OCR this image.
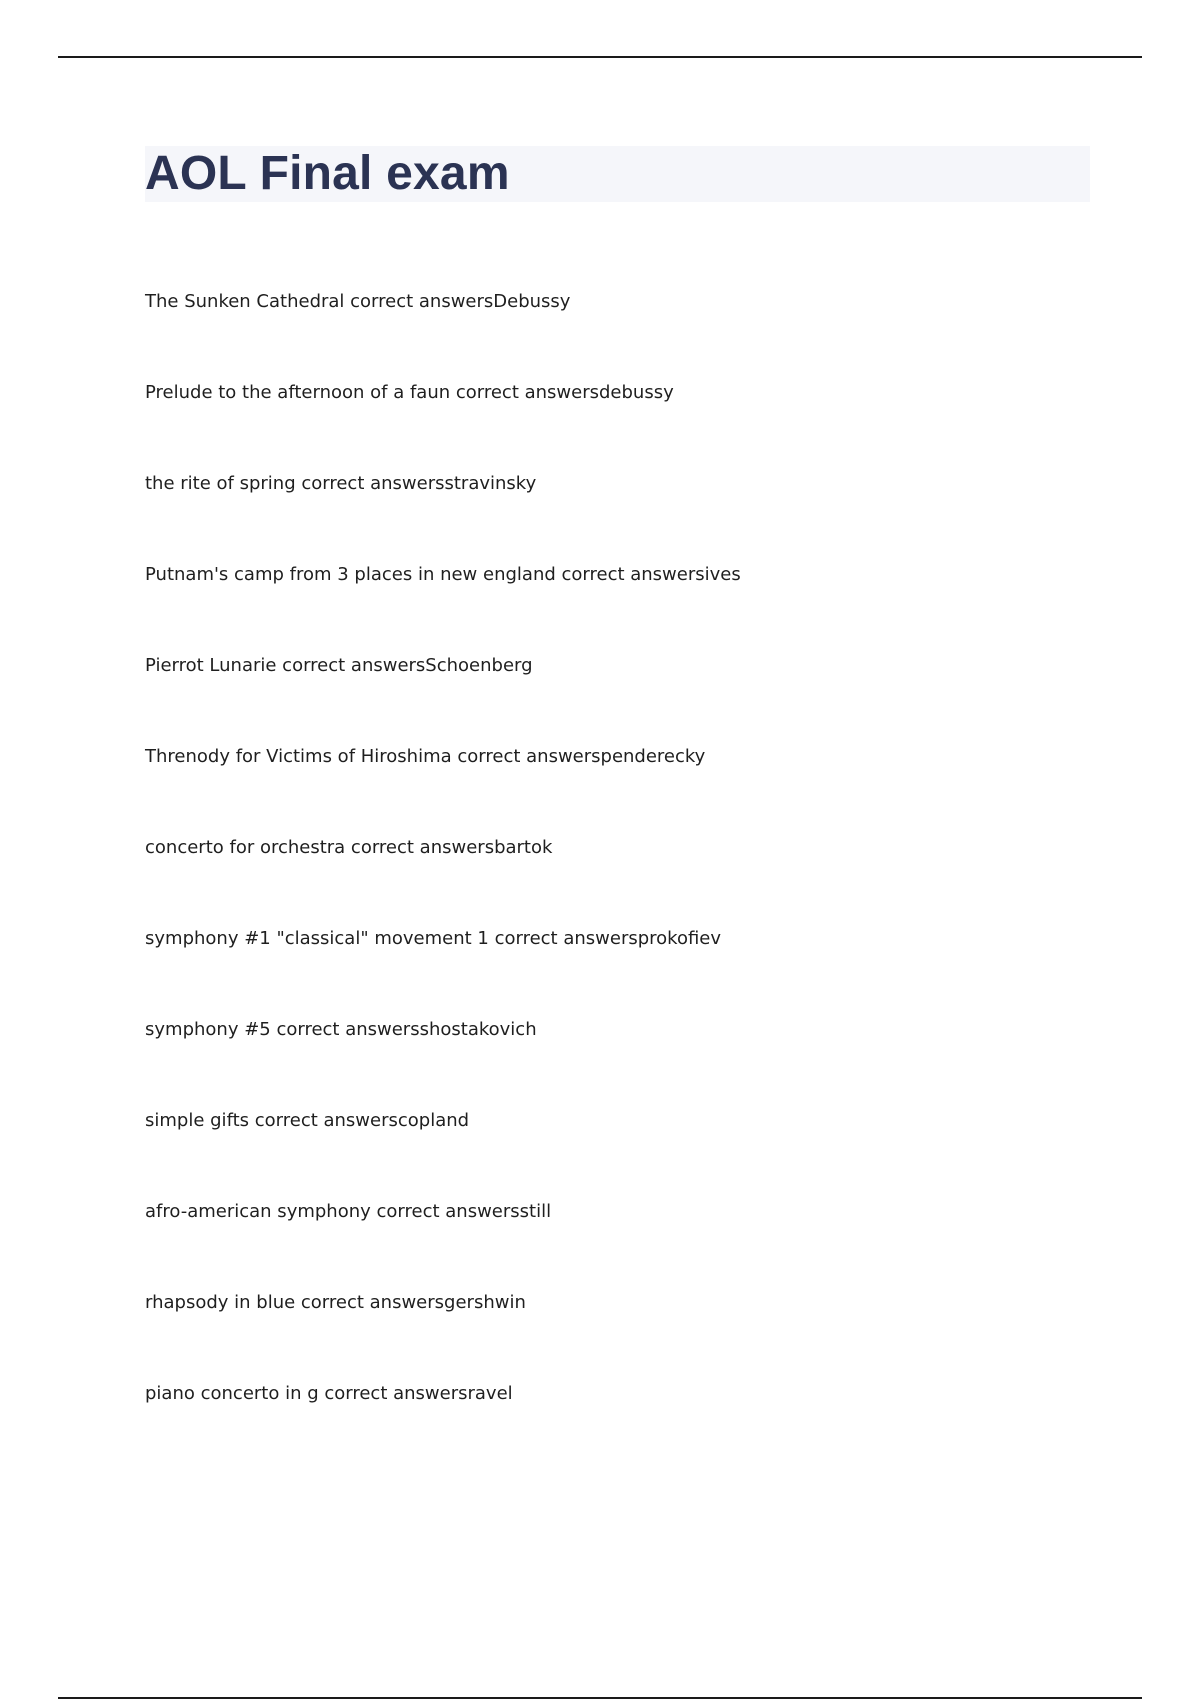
AOL Final exam
The Sunken Cathedral correct answersDebussy
Prelude to the afternoon of a faun correct answersdebussy
the rite of spring correct answersstravinsky
Putnam's camp from 3 places in new england correct answersives
Pierrot Lunarie correct answersSchoenberg
Threnody for Victims of Hiroshima correct answerspenderecky
concerto for orchestra correct answersbartok
symphony #1 "classical" movement 1 correct answersprokofiev
symphony #5 correct answersshostakovich
simple gifts correct answerscopland
afro-american symphony correct answersstill
rhapsody in blue correct answersgershwin
piano concerto in g correct answersravel
